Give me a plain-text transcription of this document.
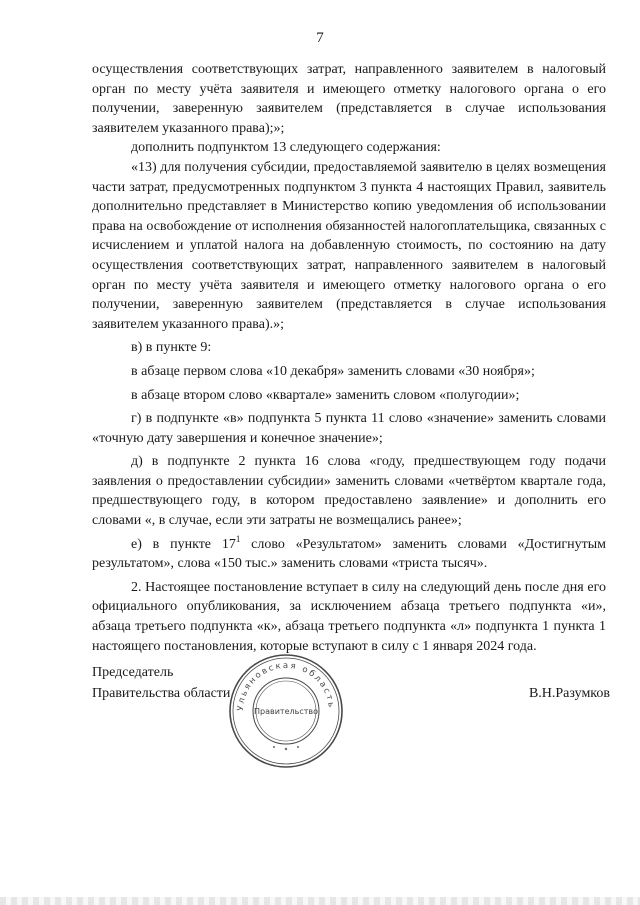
7

осуществления соответствующих затрат, направленного заявителем в налоговый орган по месту учёта заявителя и имеющего отметку налогового органа о его получении, заверенную заявителем (представляется в случае использования заявителем указанного права);»;

дополнить подпунктом 13 следующего содержания:

«13) для получения субсидии, предоставляемой заявителю в целях возмещения части затрат, предусмотренных подпунктом 3 пункта 4 настоящих Правил, заявитель дополнительно представляет в Министерство копию уведомления об использовании права на освобождение от исполнения обязанностей налогоплательщика, связанных с исчислением и уплатой налога на добавленную стоимость, по состоянию на дату осуществления соответствующих затрат, направленного заявителем в налоговый орган по месту учёта заявителя и имеющего отметку налогового органа о его получении, заверенную заявителем (представляется в случае использования заявителем указанного права).»;

в) в пункте 9:

в абзаце первом слова «10 декабря» заменить словами «30 ноября»;

в абзаце втором слово «квартале» заменить словом «полугодии»;

г) в подпункте «в» подпункта 5 пункта 11 слово «значение» заменить словами «точную дату завершения и конечное значение»;

д) в подпункте 2 пункта 16 слова «году, предшествующем году подачи заявления о предоставлении субсидии» заменить словами «четвёртом квартале года, предшествующего году, в котором предоставлено заявление» и дополнить его словами «, в случае, если эти затраты не возмещались ранее»;

е) в пункте $17^1$ слово «Результатом» заменить словами «Достигнутым результатом», слова «150 тыс.» заменить словами «триста тысяч».

2. Настоящее постановление вступает в силу на следующий день после дня его официального опубликования, за исключением абзаца третьего подпункта «и», абзаца третьего подпункта «к», абзаца третьего подпункта «л» подпункта 1 пункта 1 настоящего постановления, которые вступают в силу с 1 января 2024 года.

Председатель
Правительства области	В.Н.Разумков
Ульяновская область
Правительство
